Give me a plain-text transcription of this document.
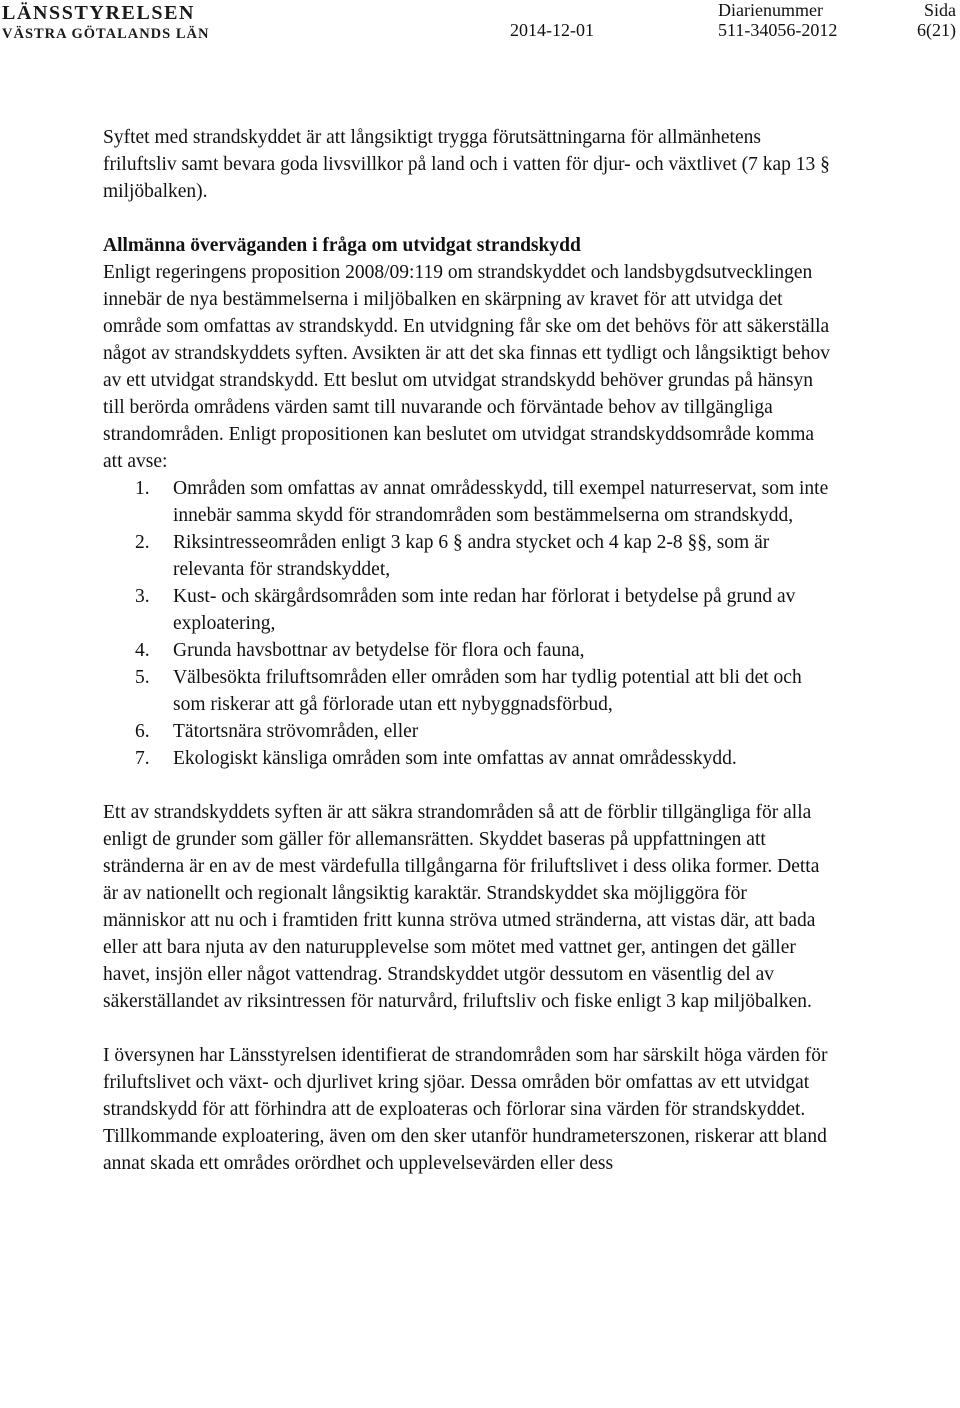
LÄNSSTYRELSEN
VÄSTRA GÖTALANDS LÄN	2014-12-01
Diarienummer
511-34056-2012
Sida
6(21)

Syftet med strandskyddet är att långsiktigt trygga förutsättningarna för allmänhetens friluftsliv samt bevara goda livsvillkor på land och i vatten för djur- och växtlivet (7 kap 13 § miljöbalken).

Allmänna överväganden i fråga om utvidgat strandskydd

Enligt regeringens proposition 2008/09:119 om strandskyddet och landsbygdsutvecklingen innebär de nya bestämmelserna i miljöbalken en skärpning av kravet för att utvidga det område som omfattas av strandskydd. En utvidgning får ske om det behövs för att säkerställa något av strandskyddets syften. Avsikten är att det ska finnas ett tydligt och långsiktigt behov av ett utvidgat strandskydd. Ett beslut om utvidgat strandskydd behöver grundas på hänsyn till berörda områdens värden samt till nuvarande och förväntade behov av tillgängliga strandområden. Enligt propositionen kan beslutet om utvidgat strandskyddsområde komma att avse:

1. Områden som omfattas av annat områdesskydd, till exempel naturreservat, som inte innebär samma skydd för strandområden som bestämmelserna om strandskydd,
2. Riksintresseområden enligt 3 kap 6 § andra stycket och 4 kap 2-8 §§, som är relevanta för strandskyddet,
3. Kust- och skärgårdsområden som inte redan har förlorat i betydelse på grund av exploatering,
4. Grunda havsbottnar av betydelse för flora och fauna,
5. Välbesökta friluftsområden eller områden som har tydlig potential att bli det och som riskerar att gå förlorade utan ett nybyggnadsförbud,
6. Tätortsnära strövområden, eller
7. Ekologiskt känsliga områden som inte omfattas av annat områdesskydd.

Ett av strandskyddets syften är att säkra strandområden så att de förblir tillgängliga för alla enligt de grunder som gäller för allemansrätten. Skyddet baseras på uppfattningen att stränderna är en av de mest värdefulla tillgångarna för friluftslivet i dess olika former. Detta är av nationellt och regionalt långsiktig karaktär. Strandskyddet ska möjliggöra för människor att nu och i framtiden fritt kunna ströva utmed stränderna, att vistas där, att bada eller att bara njuta av den naturupplevelse som mötet med vattnet ger, antingen det gäller havet, insjön eller något vattendrag. Strandskyddet utgör dessutom en väsentlig del av säkerställandet av riksintressen för naturvård, friluftsliv och fiske enligt 3 kap miljöbalken.

I översynen har Länsstyrelsen identifierat de strandområden som har särskilt höga värden för friluftslivet och växt- och djurlivet kring sjöar. Dessa områden bör omfattas av ett utvidgat strandskydd för att förhindra att de exploateras och förlorar sina värden för strandskyddet. Tillkommande exploatering, även om den sker utanför hundrameterszonen, riskerar att bland annat skada ett områdes orördhet och upplevelsevärden eller dess
